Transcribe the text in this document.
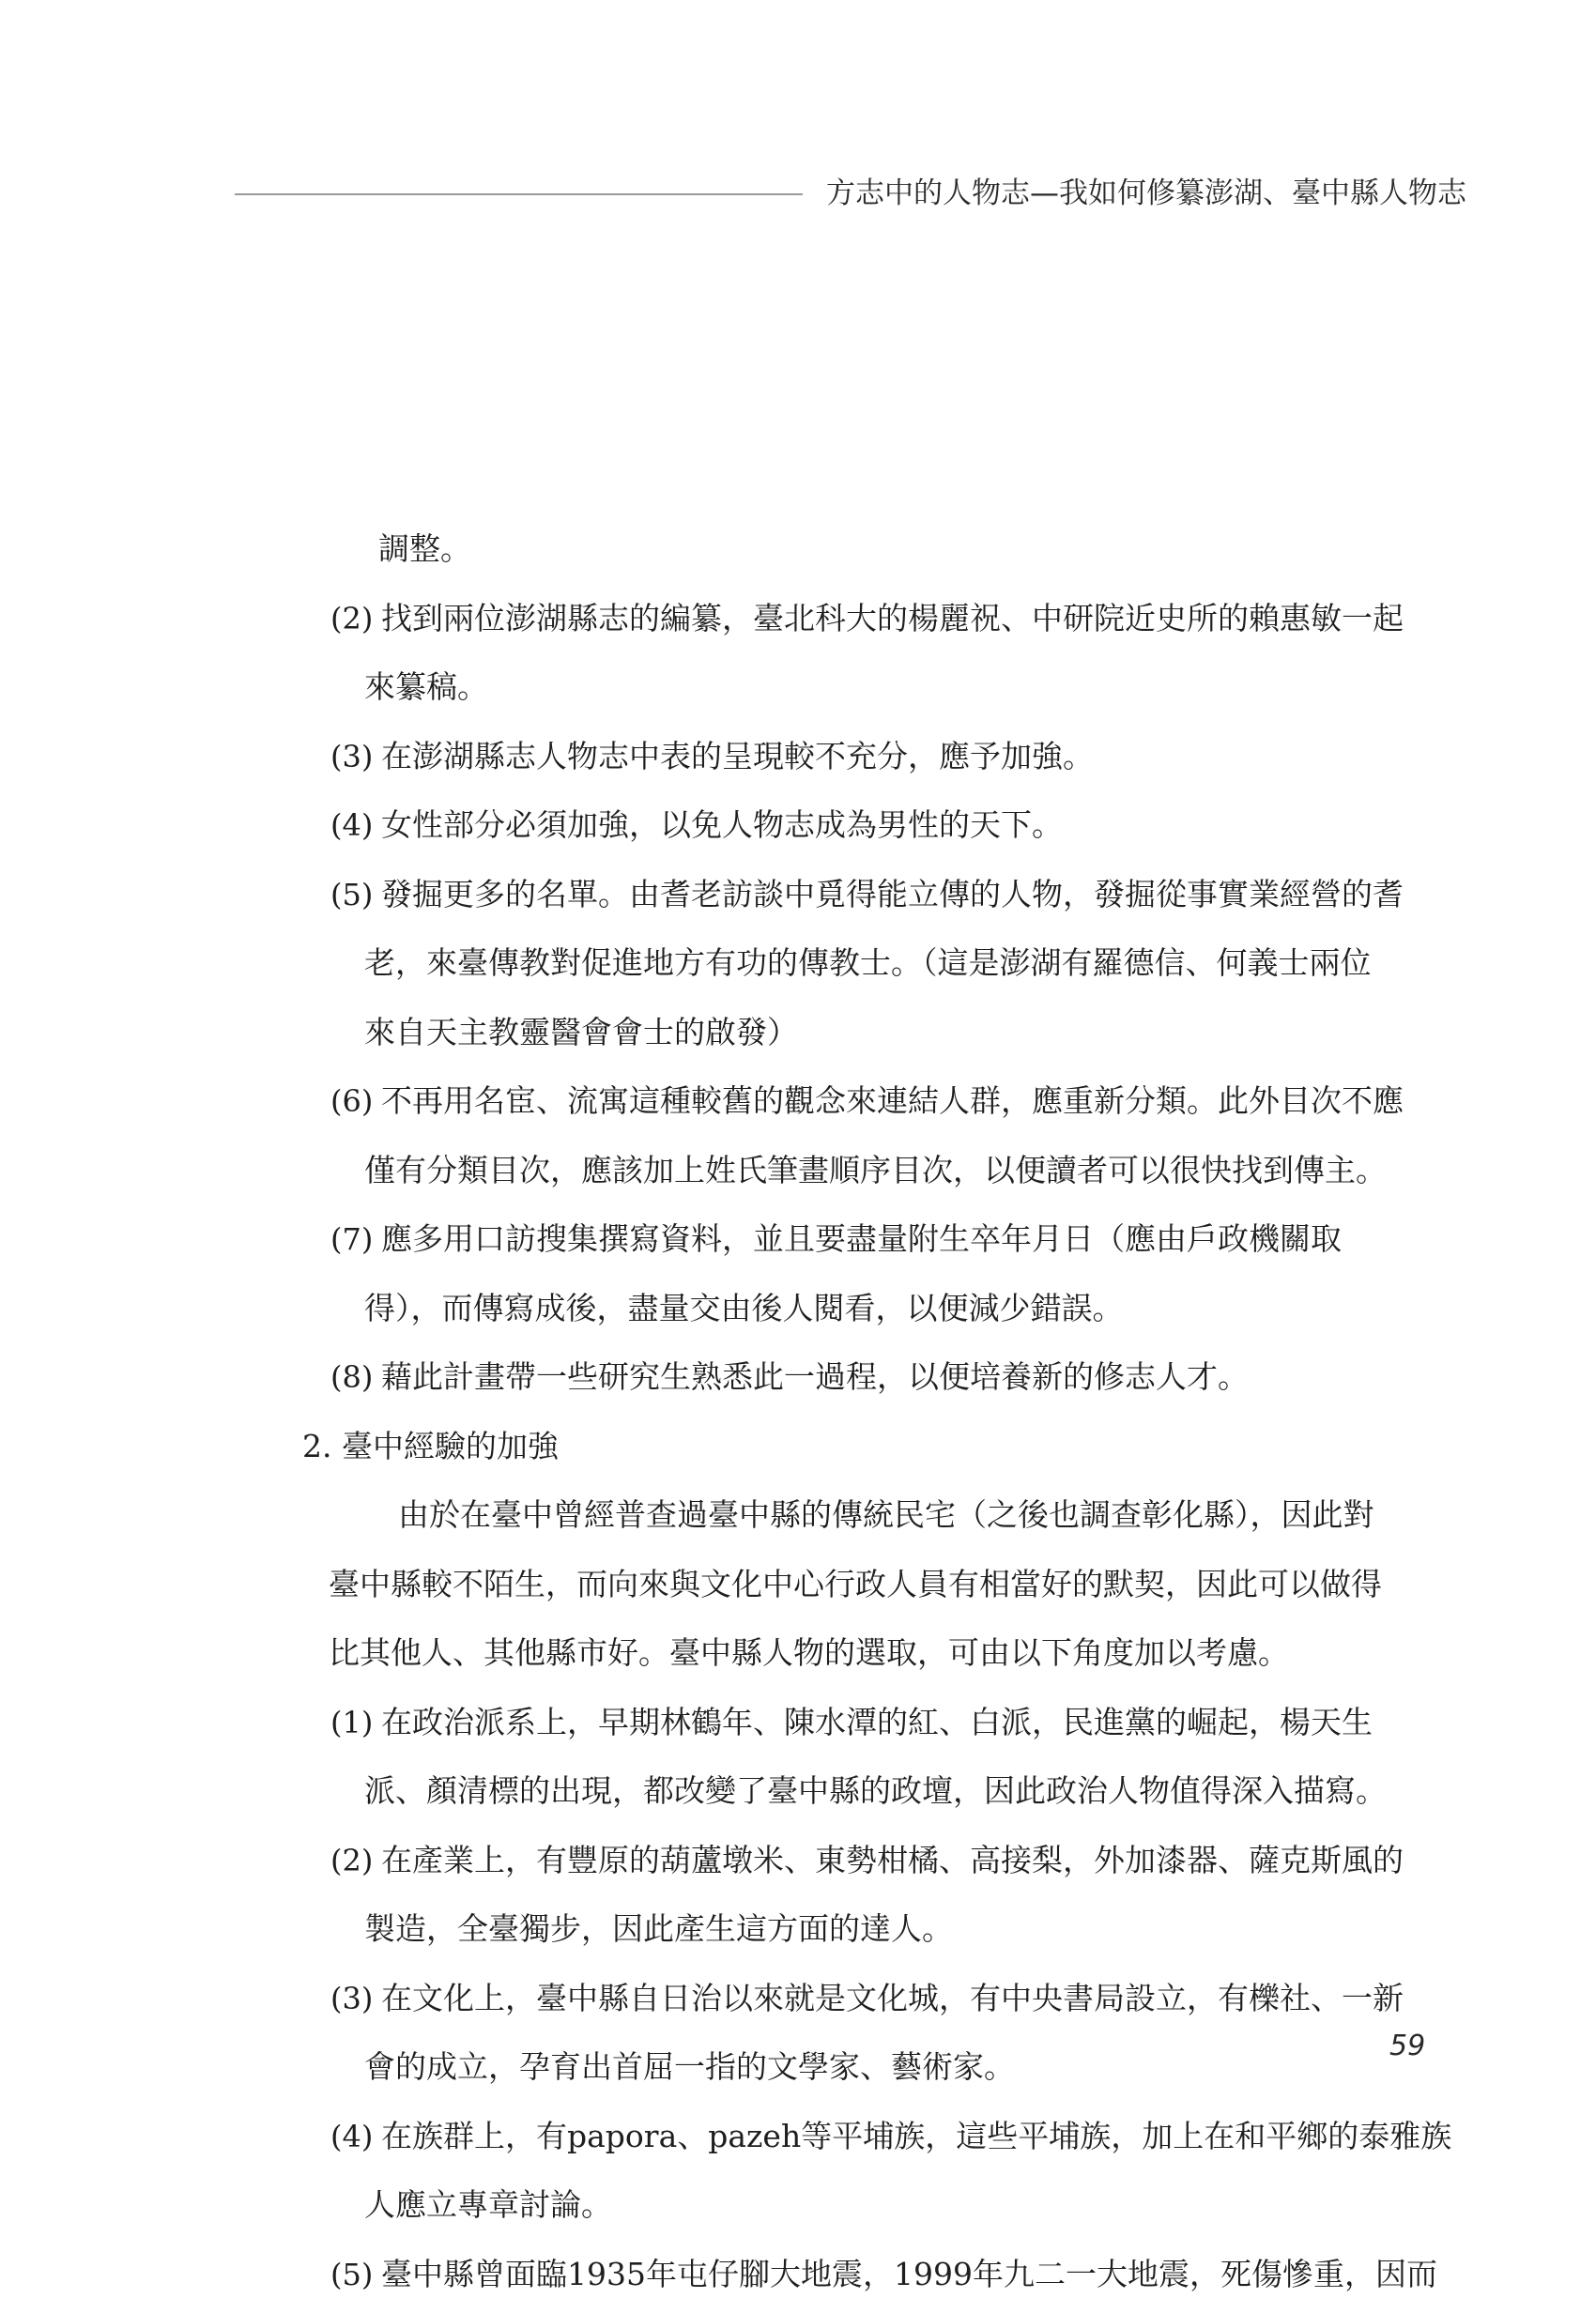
方志中的人物志—我如何修纂澎湖、臺中縣人物志
調整。
(2) 找到兩位澎湖縣志的編纂，臺北科大的楊麗祝、中研院近史所的賴惠敏一起
來纂稿。
(3) 在澎湖縣志人物志中表的呈現較不充分，應予加強。
(4) 女性部分必須加強，以免人物志成為男性的天下。
(5) 發掘更多的名單。由耆老訪談中覓得能立傳的人物，發掘從事實業經營的耆
老，來臺傳教對促進地方有功的傳教士。（這是澎湖有羅德信、何義士兩位
來自天主教靈醫會會士的啟發）
(6) 不再用名宦、流寓這種較舊的觀念來連結人群，應重新分類。此外目次不應
僅有分類目次，應該加上姓氏筆畫順序目次，以便讀者可以很快找到傳主。
(7) 應多用口訪搜集撰寫資料，並且要盡量附生卒年月日（應由戶政機關取
得），而傳寫成後，盡量交由後人閱看，以便減少錯誤。
(8) 藉此計畫帶一些研究生熟悉此一過程，以便培養新的修志人才。
2. 臺中經驗的加強
由於在臺中曾經普查過臺中縣的傳統民宅（之後也調查彰化縣），因此對
臺中縣較不陌生，而向來與文化中心行政人員有相當好的默契，因此可以做得
比其他人、其他縣市好。臺中縣人物的選取，可由以下角度加以考慮。
(1) 在政治派系上，早期林鶴年、陳水潭的紅、白派，民進黨的崛起，楊天生
派、顏清標的出現，都改變了臺中縣的政壇，因此政治人物值得深入描寫。
(2) 在產業上，有豐原的葫蘆墩米、東勢柑橘、高接梨，外加漆器、薩克斯風的
製造，全臺獨步，因此產生這方面的達人。
(3) 在文化上，臺中縣自日治以來就是文化城，有中央書局設立，有櫟社、一新
會的成立，孕育出首屈一指的文學家、藝術家。
(4) 在族群上，有papora、pazeh等平埔族，這些平埔族，加上在和平鄉的泰雅族
人應立專章討論。
(5) 臺中縣曾面臨1935年屯仔腳大地震，1999年九二一大地震，死傷慘重，因而
59
